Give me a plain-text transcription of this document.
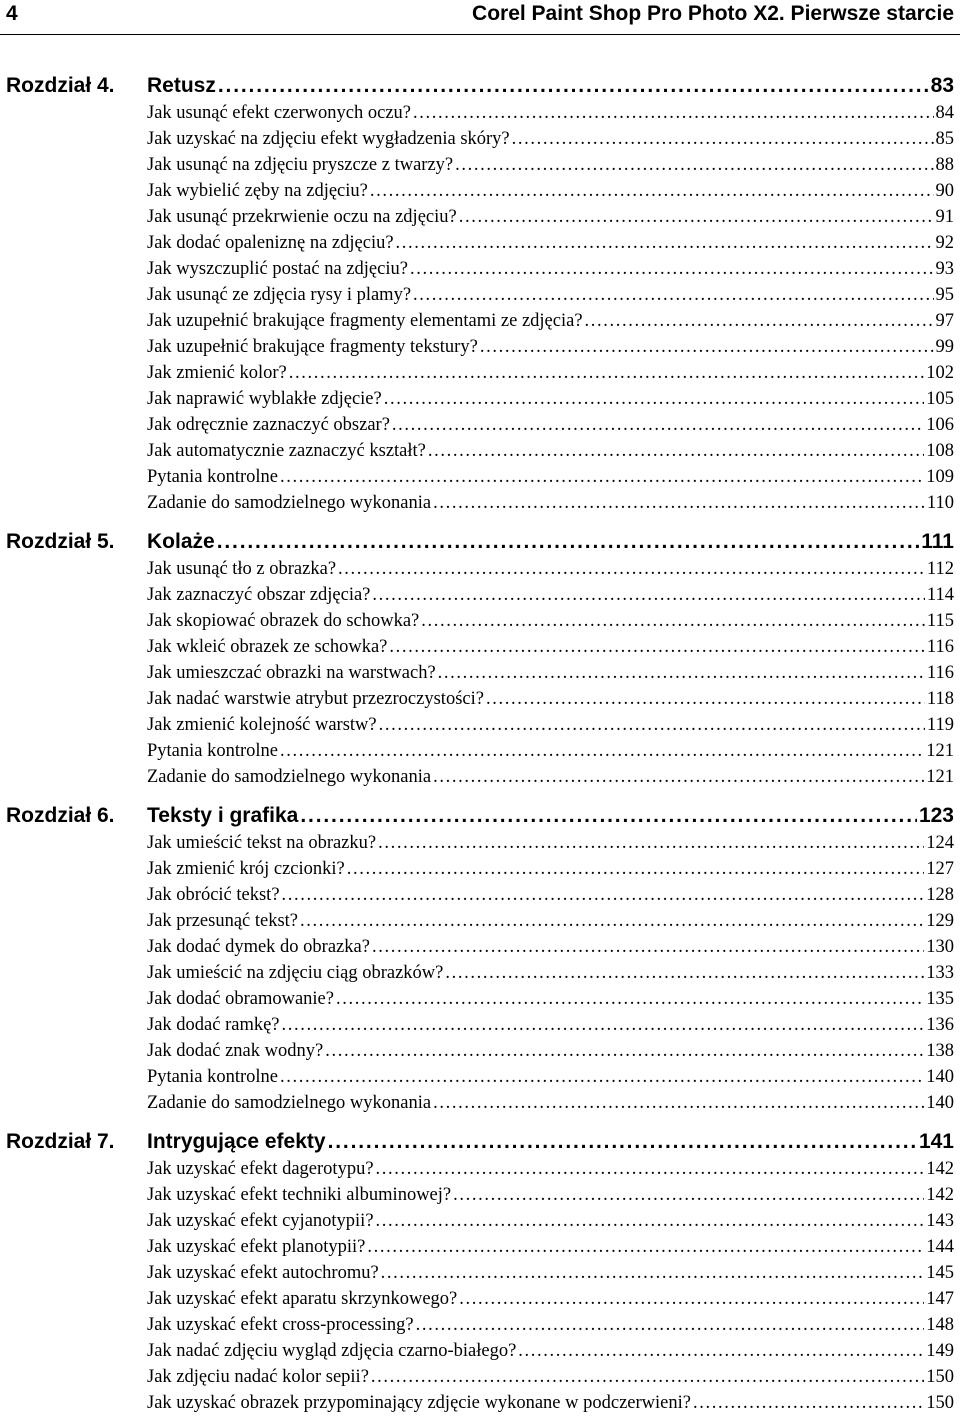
4	Corel Paint Shop Pro Photo X2. Pierwsze starcie
Rozdział 4. Retusz . . .	83
Jak usunąć efekt czerwonych oczu? . . .	84
Jak uzyskać na zdjęciu efekt wygładzenia skóry? . . .	85
Jak usunąć na zdjęciu pryszcze z twarzy? . . .	88
Jak wybielić zęby na zdjęciu? . . .	90
Jak usunąć przekrwienie oczu na zdjęciu? . . .	91
Jak dodać opaleniznę na zdjęciu? . . .	92
Jak wyszczuplić postać na zdjęciu? . . .	93
Jak usunąć ze zdjęcia rysy i plamy? . . .	95
Jak uzupełnić brakujące fragmenty elementami ze zdjęcia? . . .	97
Jak uzupełnić brakujące fragmenty tekstury? . . .	99
Jak zmienić kolor? . . .	102
Jak naprawić wyblakłe zdjęcie? . . .	105
Jak odręcznie zaznaczyć obszar? . . .	106
Jak automatycznie zaznaczyć kształt? . . .	108
Pytania kontrolne . . .	109
Zadanie do samodzielnego wykonania . . .	110
Rozdział 5. Kolaże . . .	111
Jak usunąć tło z obrazka? . . .	112
Jak zaznaczyć obszar zdjęcia? . . .	114
Jak skopiować obrazek do schowka? . . .	115
Jak wkleić obrazek ze schowka? . . .	116
Jak umieszczać obrazki na warstwach? . . .	116
Jak nadać warstwie atrybut przezroczystości? . . .	118
Jak zmienić kolejność warstw? . . .	119
Pytania kontrolne . . .	121
Zadanie do samodzielnego wykonania . . .	121
Rozdział 6. Teksty i grafika . . .	123
Jak umieścić tekst na obrazku? . . .	124
Jak zmienić krój czcionki? . . .	127
Jak obrócić tekst? . . .	128
Jak przesunąć tekst? . . .	129
Jak dodać dymek do obrazka? . . .	130
Jak umieścić na zdjęciu ciąg obrazków? . . .	133
Jak dodać obramowanie? . . .	135
Jak dodać ramkę? . . .	136
Jak dodać znak wodny? . . .	138
Pytania kontrolne . . .	140
Zadanie do samodzielnego wykonania . . .	140
Rozdział 7. Intrygujące efekty . . .	141
Jak uzyskać efekt dagerotypu? . . .	142
Jak uzyskać efekt techniki albuminowej? . . .	142
Jak uzyskać efekt cyjanotypii? . . .	143
Jak uzyskać efekt planotypii? . . .	144
Jak uzyskać efekt autochromu? . . .	145
Jak uzyskać efekt aparatu skrzynkowego? . . .	147
Jak uzyskać efekt cross-processing? . . .	148
Jak nadać zdjęciu wygląd zdjęcia czarno-białego? . . .	149
Jak zdjęciu nadać kolor sepii? . . .	150
Jak uzyskać obrazek przypominający zdjęcie wykonane w podczerwieni? . . .	150
